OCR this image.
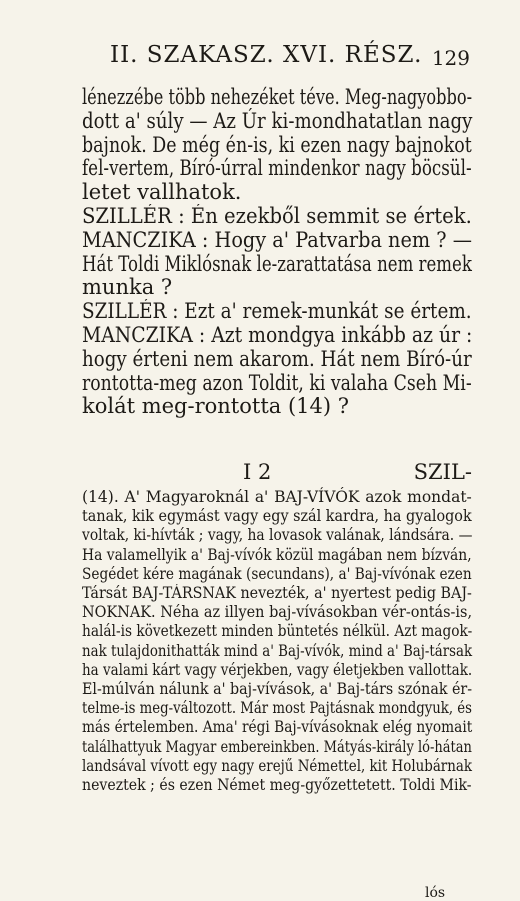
II. SZAKASZ. XVI. RÉSZ. 129
lénezzébe több nehezéket téve. Meg-nagyobbo-
dott a' súly — Az Úr ki-mondhatatlan nagy
bajnok. De még én-is, ki ezen nagy bajnokot
fel-vertem, Bíró-úrral mindenkor nagy böcsül-
letet vallhatok.
SZILLÉR : Én ezekből semmit se értek.
MANCZIKA : Hogy a' Patvarba nem ? —
Hát Toldi Miklósnak le-zarattatása nem remek
munka ?
SZILLÉR : Ezt a' remek-munkát se értem.
MANCZIKA : Azt mondgya inkább az úr :
hogy érteni nem akarom. Hát nem Bíró-úr
rontotta-meg azon Toldit, ki valaha Cseh Mi-
kolát meg-rontotta (14) ?
I 2	SZIL-
(14). A' Magyaroknál a' BAJ-VÍVÓK azok mondat-
tanak, kik egymást vagy egy szál kardra, ha gyalogok
voltak, ki-hívták ; vagy, ha lovasok valának, lándsára. —
Ha valamellyik a' Baj-vívók közül magában nem bízván,
Segédet kére magának (secundans), a' Baj-vívónak ezen
Társát BAJ-TÁRSNAK nevezték, a' nyertest pedig BAJ-
NOKNAK. Néha az illyen baj-vívásokban vér-ontás-is,
halál-is következett minden büntetés nélkül. Azt magok-
nak tulajdonithatták mind a' Baj-vívók, mind a' Baj-társak
ha valami kárt vagy vérjekben, vagy életjekben vallottak.
El-múlván nálunk a' baj-vívások, a' Baj-társ szónak ér-
telme-is meg-változott. Már most Pajtásnak mondgyuk, és
más értelemben. Ama' régi Baj-vívásoknak elég nyomait
találhattyuk Magyar embereinkben. Mátyás-király ló-hátan
landsával vívott egy nagy erejű Némettel, kit Holubárnak
neveztek ; és ezen Német meg-győzettetett. Toldi Mik-
lós
